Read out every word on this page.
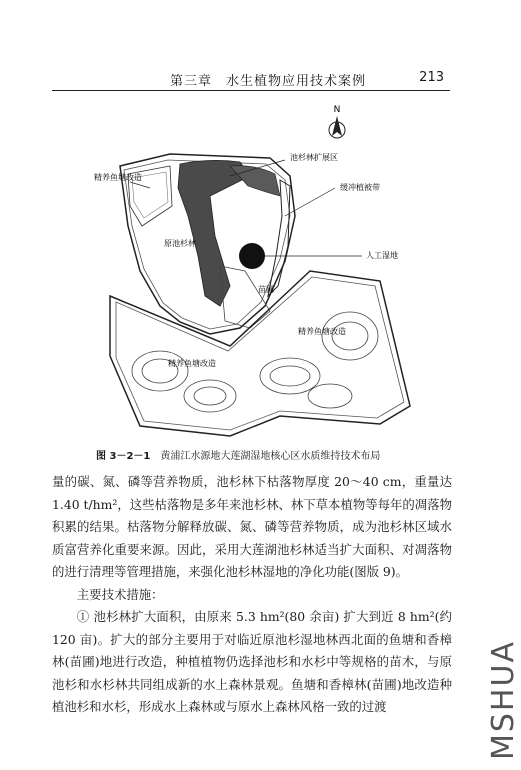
第三章　水生植物应用技术案例	213
N
池杉林扩展区
精养鱼塘改造
缓冲植被带
原池杉林
人工湿地
苗圃
精养鱼塘改造
精养鱼塘改造
图 3－2－1 黄浦江水源地大莲湖湿地核心区水质维持技术布局

量的碳、氮、磷等营养物质，池杉林下枯落物厚度 20～40 cm，重量达 1.40 t/hm²，这些枯落物是多年来池杉林、林下草本植物等每年的凋落物积累的结果。枯落物分解释放碳、氮、磷等营养物质，成为池杉林区域水质富营养化重要来源。因此，采用大莲湖池杉林适当扩大面积、对凋落物的进行清理等管理措施，来强化池杉林湿地的净化功能(图版 9)。

主要技术措施：

① 池杉林扩大面积，由原来 5.3 hm²(80 余亩) 扩大到近 8 hm²(约 120 亩)。扩大的部分主要用于对临近原池杉湿地林西北面的鱼塘和香樟林(苗圃)地进行改造，种植植物仍选择池杉和水杉中等规格的苗木，与原池杉和水杉林共同组成新的水上森林景观。鱼塘和香樟林(苗圃)地改造种植池杉和水杉，形成水上森林或与原水上森林风格一致的过渡	MSHUA
